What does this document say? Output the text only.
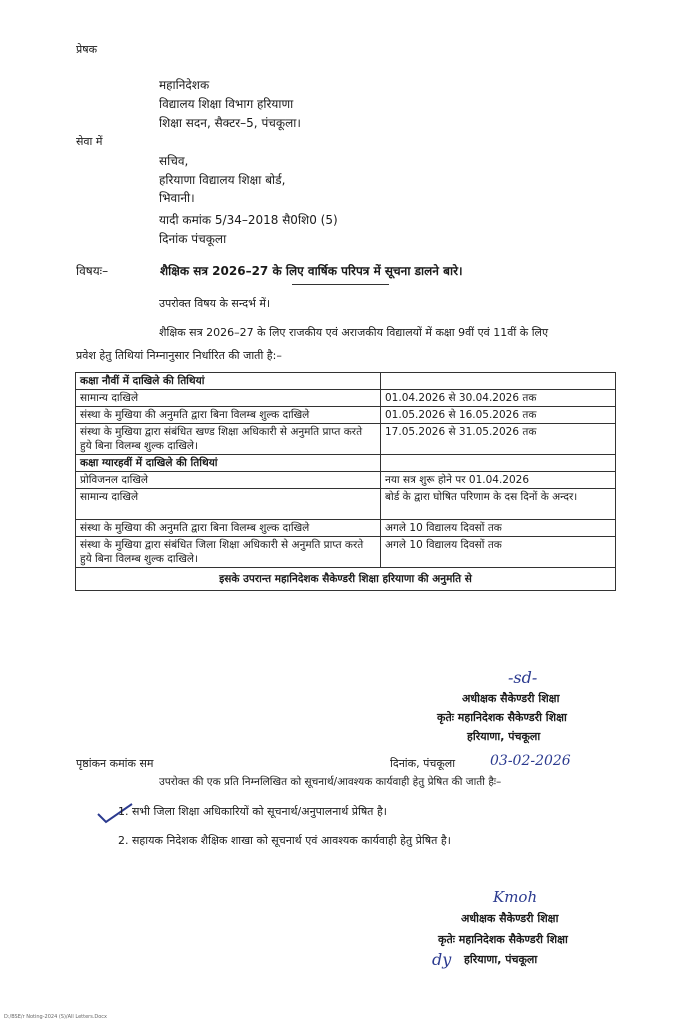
प्रेषक
महानिदेशक
विद्यालय शिक्षा विभाग हरियाणा
शिक्षा सदन, सैक्टर–5, पंचकूला।
सेवा में
सचिव,
हरियाणा विद्यालय शिक्षा बोर्ड,
भिवानी।
यादी कमांक 5/34–2018 सै0शि0 (5)
दिनांक पंचकूला
विषयः–	शैक्षिक सत्र 2026–27 के लिए वार्षिक परिपत्र में सूचना डालने बारे।
उपरोक्त विषय के सन्दर्भ में।
शैक्षिक सत्र 2026–27 के लिए राजकीय एवं अराजकीय विद्यालयों में कक्षा 9वीं एवं 11वीं के लिए
प्रवेश हेतु तिथियां निम्नानुसार निर्धारित की जाती है:–
कक्षा नौवीं में दाखिले की तिथियां	
सामान्य दाखिले	01.04.2026 से 30.04.2026 तक
संस्था के मुखिया की अनुमति द्वारा बिना विलम्ब शुल्क दाखिले	01.05.2026 से 16.05.2026 तक
संस्था के मुखिया द्वारा संबंधित खण्ड शिक्षा अधिकारी से अनुमति प्राप्त करते हुये बिना विलम्ब शुल्क दाखिले।	17.05.2026 से 31.05.2026 तक
कक्षा ग्यारहवीं में दाखिले की तिथियां	
प्रोविजनल दाखिले	नया सत्र शुरू होने पर 01.04.2026
सामान्य दाखिले	बोर्ड के द्वारा घोषित परिणाम के दस दिनों के अन्दर।
संस्था के मुखिया की अनुमति द्वारा बिना विलम्ब शुल्क दाखिले	अगले 10 विद्यालय दिवसों तक
संस्था के मुखिया द्वारा संबंधित जिला शिक्षा अधिकारी से अनुमति प्राप्त करते हुये बिना विलम्ब शुल्क दाखिले।	अगले 10 विद्यालय दिवसों तक
इसके उपरान्त महानिदेशक सैकेण्डरी शिक्षा हरियाणा की अनुमति से	
-sd-
अधीक्षक सैकेण्डरी शिक्षा
कृतेः महानिदेशक सैकेण्डरी शिक्षा
हरियाणा, पंचकूला
पृष्ठांकन कमांक सम	दिनांक, पंचकूला 03-02-2026
उपरोक्त की एक प्रति निम्नलिखित को सूचनार्थ/आवश्यक कार्यवाही हेतु प्रेषित की जाती हैः–
1. सभी जिला शिक्षा अधिकारियों को सूचनार्थ/अनुपालनार्थ प्रेषित है।
2. सहायक निदेशक शैक्षिक शाखा को सूचनार्थ एवं आवश्यक कार्यवाही हेतु प्रेषित है।
Kmoh
अधीक्षक सैकेण्डरी शिक्षा
कृतेः महानिदेशक सैकेण्डरी शिक्षा
dy हरियाणा, पंचकूला
D:/BSE/r Noting-2024 (S)/All Letters.Docx
